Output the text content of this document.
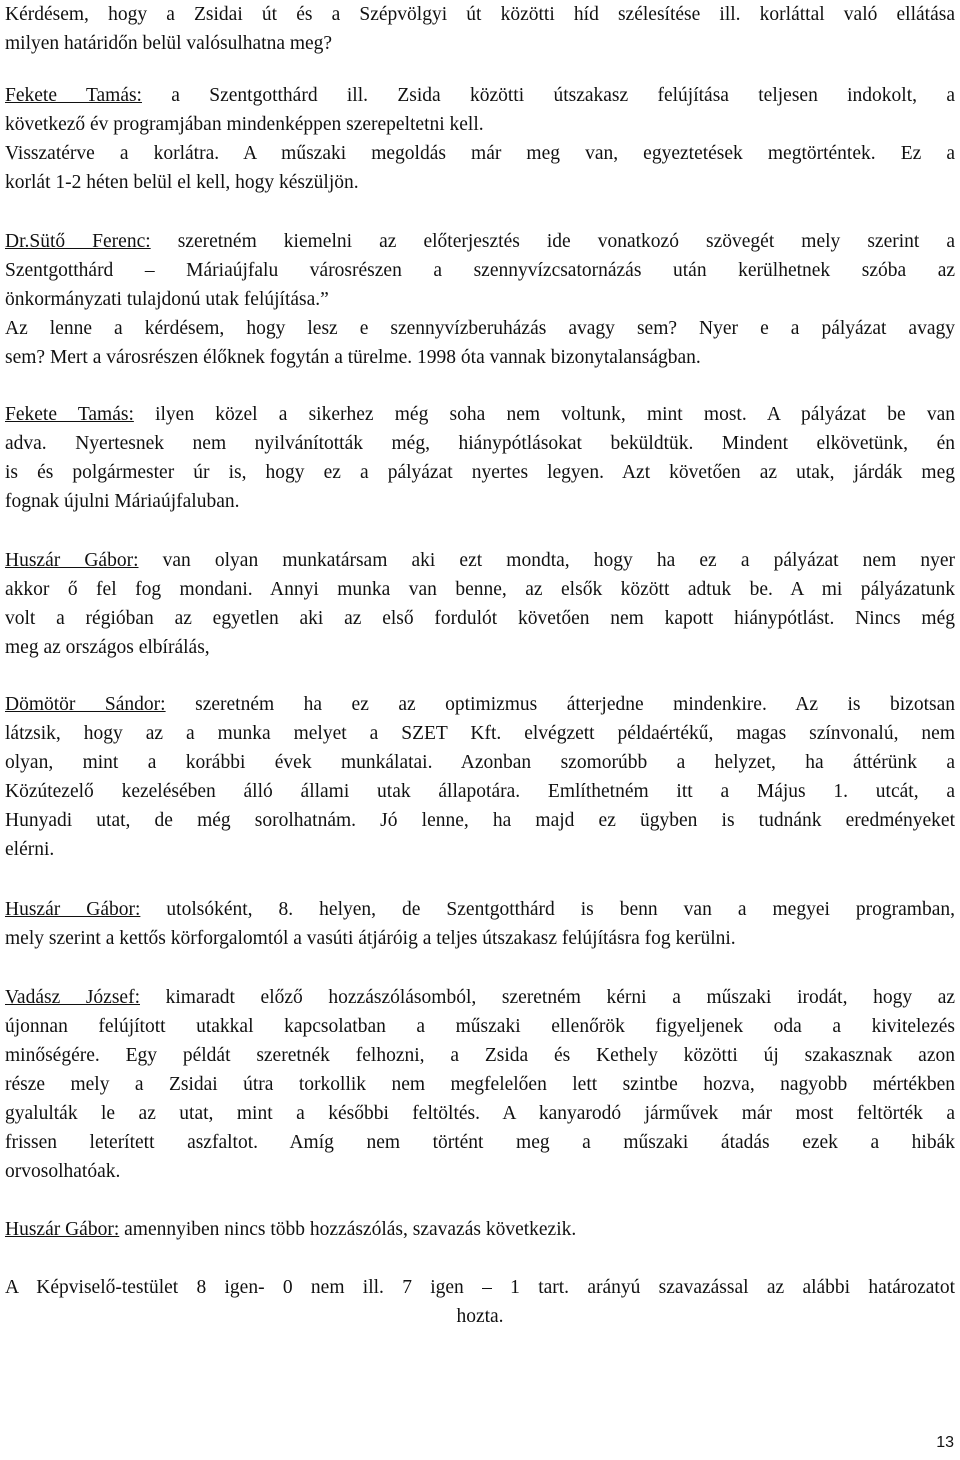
Kérdésem, hogy a Zsidai út és a Szépvölgyi út közötti híd szélesítése ill. korláttal való ellátása
milyen határidőn belül valósulhatna meg?
Fekete Tamás: a Szentgotthárd ill. Zsida közötti útszakasz felújítása teljesen indokolt, a
következő év programjában mindenképpen szerepeltetni kell.
Visszatérve a korlátra. A műszaki megoldás már meg van, egyeztetések megtörténtek. Ez a
korlát 1-2 héten belül el kell, hogy készüljön.
Dr.Sütő Ferenc: szeretném kiemelni az előterjesztés ide vonatkozó szövegét mely szerint a
Szentgotthárd – Máriaújfalu városrészen a szennyvízcsatornázás után kerülhetnek szóba az
önkormányzati tulajdonú utak felújítása.”
Az lenne a kérdésem, hogy lesz e szennyvízberuházás avagy sem? Nyer e a pályázat avagy
sem? Mert a városrészen élőknek fogytán a türelme. 1998 óta vannak bizonytalanságban.
Fekete Tamás: ilyen közel a sikerhez még soha nem voltunk, mint most. A pályázat be van
adva. Nyertesnek nem nyilvánították még, hiánypótlásokat beküldtük. Mindent elkövetünk, én
is és polgármester úr is, hogy ez a pályázat nyertes legyen. Azt követően az utak, járdák meg
fognak újulni Máriaújfaluban.
Huszár Gábor: van olyan munkatársam aki ezt mondta, hogy ha ez a pályázat nem nyer
akkor ő fel fog mondani. Annyi munka van benne, az elsők között adtuk be. A mi pályázatunk
volt a régióban az egyetlen aki az első fordulót követően nem kapott hiánypótlást. Nincs még
meg az országos elbírálás,
Dömötör Sándor: szeretném ha ez az optimizmus átterjedne mindenkire. Az is bizotsan
látzsik, hogy az a munka melyet a SZET Kft. elvégzett példaértékű, magas színvonalú, nem
olyan, mint a korábbi évek munkálatai. Azonban szomorúbb a helyzet, ha áttérünk a
Közútezelő kezelésében álló állami utak állapotára. Említhetném itt a Május 1. utcát, a
Hunyadi utat, de még sorolhatnám. Jó lenne, ha majd ez ügyben is tudnánk eredményeket
elérni.
Huszár Gábor: utolsóként, 8. helyen, de Szentgotthárd is benn van a megyei programban,
mely szerint a kettős körforgalomtól a vasúti átjáróig a teljes útszakasz felújításra fog kerülni.
Vadász József: kimaradt előző hozzászólásomból, szeretném kérni a műszaki irodát, hogy az
újonnan felújított utakkal kapcsolatban a műszaki ellenőrök figyeljenek oda a kivitelezés
minőségére. Egy példát szeretnék felhozni, a Zsida és Kethely közötti új szakasznak azon
része mely a Zsidai útra torkollik nem megfelelően lett szintbe hozva, nagyobb mértékben
gyalulták le az utat, mint a későbbi feltöltés. A kanyarodó járművek már most feltörték a
frissen leterített aszfaltot. Amíg nem történt meg a műszaki átadás ezek a hibák
orvosolhatóak.
Huszár Gábor: amennyiben nincs több hozzászólás, szavazás következik.
A Képviselő-testület 8 igen- 0 nem ill. 7 igen – 1 tart. arányú szavazással az alábbi határozatot
hozta.
13
